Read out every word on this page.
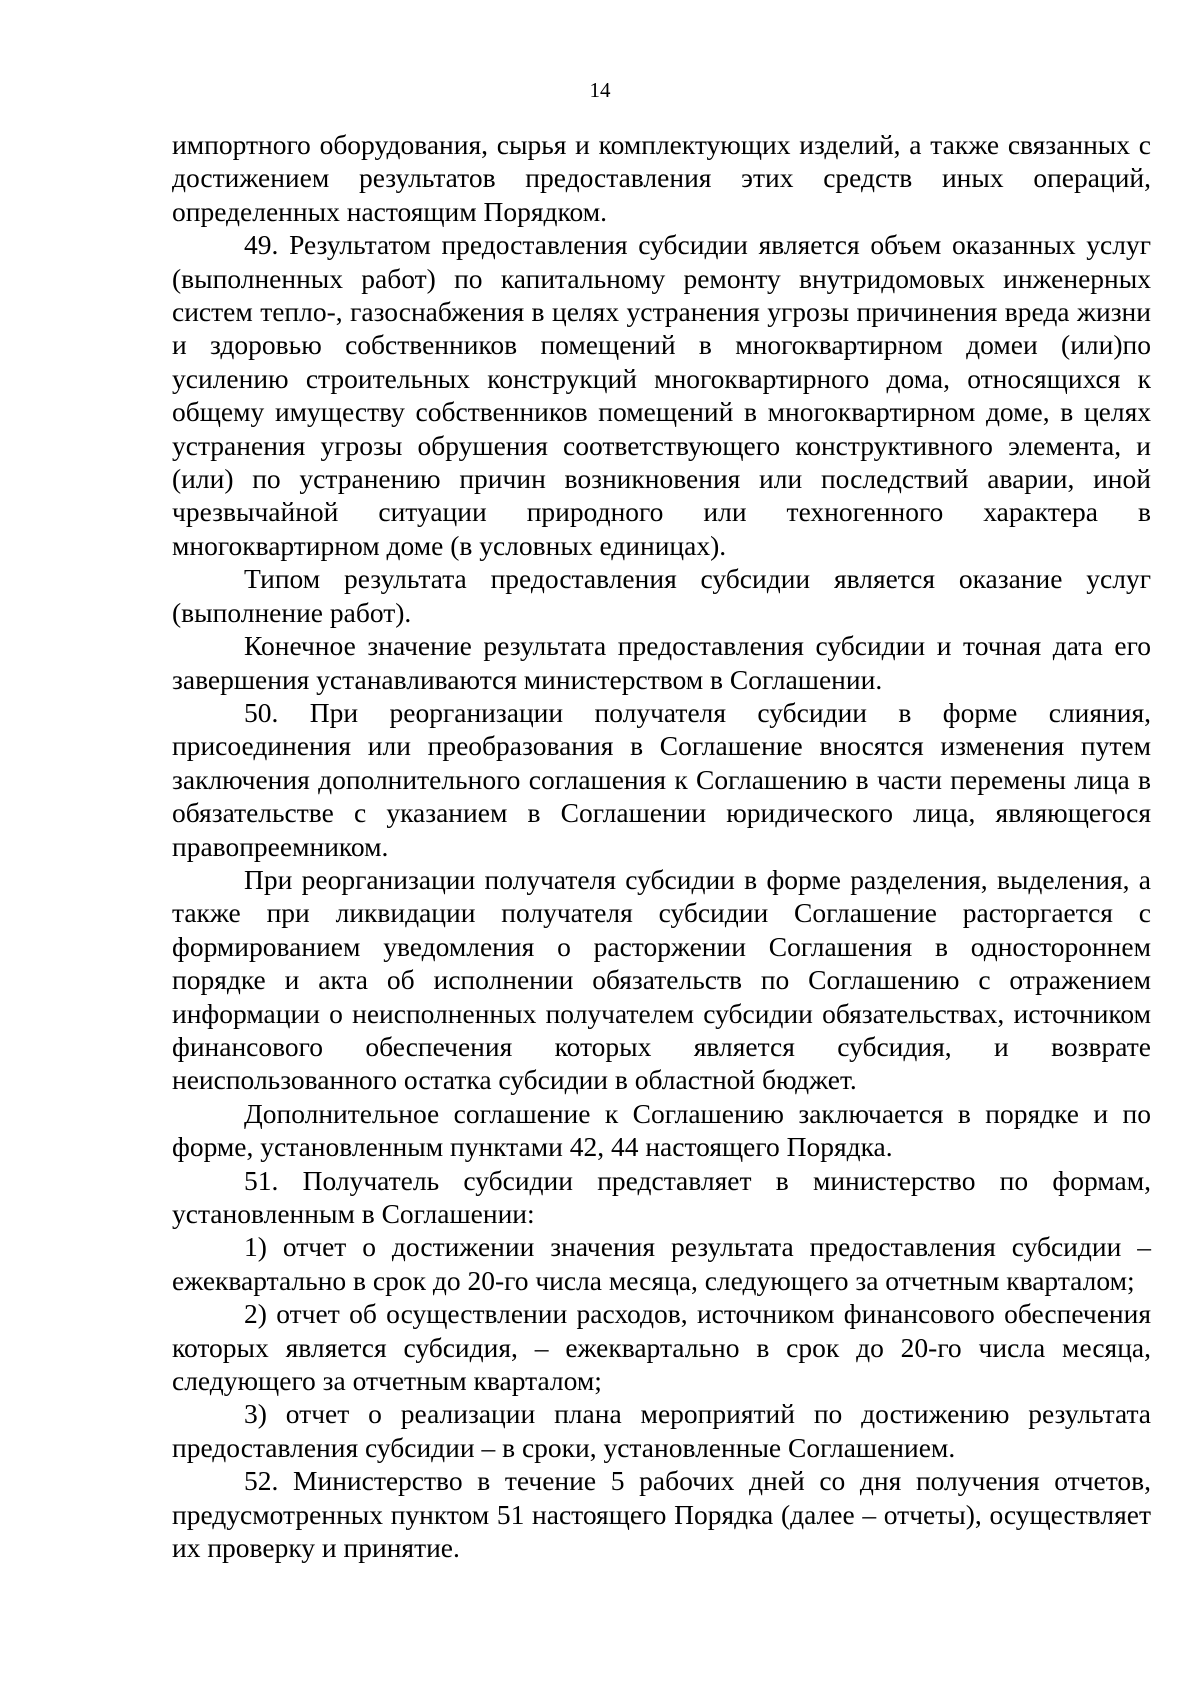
14

импортного оборудования, сырья и комплектующих изделий, а также связанных с достижением результатов предоставления этих средств иных операций, определенных настоящим Порядком.

49. Результатом предоставления субсидии является объем оказанных услуг (выполненных работ) по капитальному ремонту внутридомовых инженерных систем тепло-, газоснабжения в целях устранения угрозы причинения вреда жизни и здоровью собственников помещений в многоквартирном домеи (или)по усилению строительных конструкций многоквартирного дома, относящихся к общему имуществу собственников помещений в многоквартирном доме, в целях устранения угрозы обрушения соответствующего конструктивного элемента, и (или) по устранению причин возникновения или последствий аварии, иной чрезвычайной ситуации природного или техногенного характера в многоквартирном доме (в условных единицах).

Типом результата предоставления субсидии является оказание услуг (выполнение работ).

Конечное значение результата предоставления субсидии и точная дата его завершения устанавливаются министерством в Соглашении.

50. При реорганизации получателя субсидии в форме слияния, присоединения или преобразования в Соглашение вносятся изменения путем заключения дополнительного соглашения к Соглашению в части перемены лица в обязательстве с указанием в Соглашении юридического лица, являющегося правопреемником.

При реорганизации получателя субсидии в форме разделения, выделения, а также при ликвидации получателя субсидии Соглашение расторгается с формированием уведомления о расторжении Соглашения в одностороннем порядке и акта об исполнении обязательств по Соглашению с отражением информации о неисполненных получателем субсидии обязательствах, источником финансового обеспечения которых является субсидия, и возврате неиспользованного остатка субсидии в областной бюджет.

Дополнительное соглашение к Соглашению заключается в порядке и по форме, установленным пунктами 42, 44 настоящего Порядка.

51. Получатель субсидии представляет в министерство по формам, установленным в Соглашении:

1) отчет о достижении значения результата предоставления субсидии – ежеквартально в срок до 20-го числа месяца, следующего за отчетным кварталом;

2) отчет об осуществлении расходов, источником финансового обеспечения которых является субсидия, – ежеквартально в срок до 20-го числа месяца, следующего за отчетным кварталом;

3) отчет о реализации плана мероприятий по достижению результата предоставления субсидии – в сроки, установленные Соглашением.

52. Министерство в течение 5 рабочих дней со дня получения отчетов, предусмотренных пунктом 51 настоящего Порядка (далее – отчеты), осуществляет их проверку и принятие.
